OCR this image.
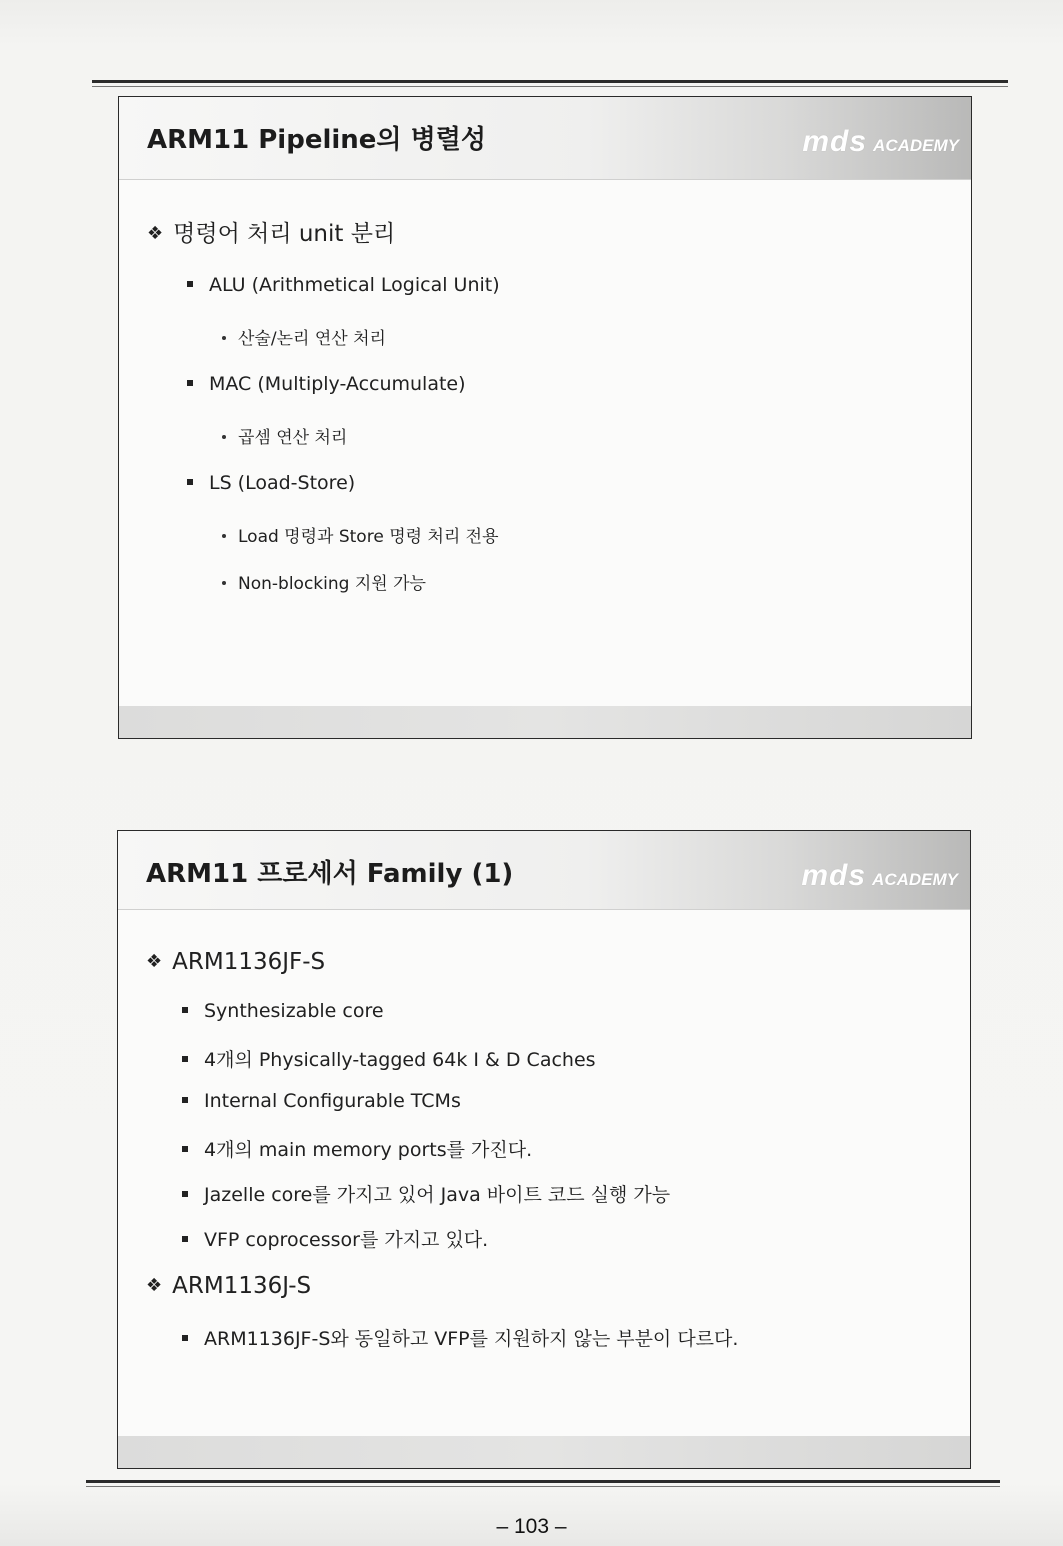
ARM11 Pipeline의 병렬성	mds ACADEMY
❖ 명령어 처리 unit 분리
ALU (Arithmetical Logical Unit)
산술/논리 연산 처리
MAC (Multiply-Accumulate)
곱셈 연산 처리
LS (Load-Store)
Load 명령과 Store 명령 처리 전용
Non-blocking 지원 가능
ARM11 프로세서 Family (1)	mds ACADEMY
❖ ARM1136JF-S
Synthesizable core
4개의 Physically-tagged 64k I & D Caches
Internal Configurable TCMs
4개의 main memory ports를 가진다.
Jazelle core를 가지고 있어 Java 바이트 코드 실행 가능
VFP coprocessor를 가지고 있다.
❖ ARM1136J-S
ARM1136JF-S와 동일하고 VFP를 지원하지 않는 부분이 다르다.
– 103 –
